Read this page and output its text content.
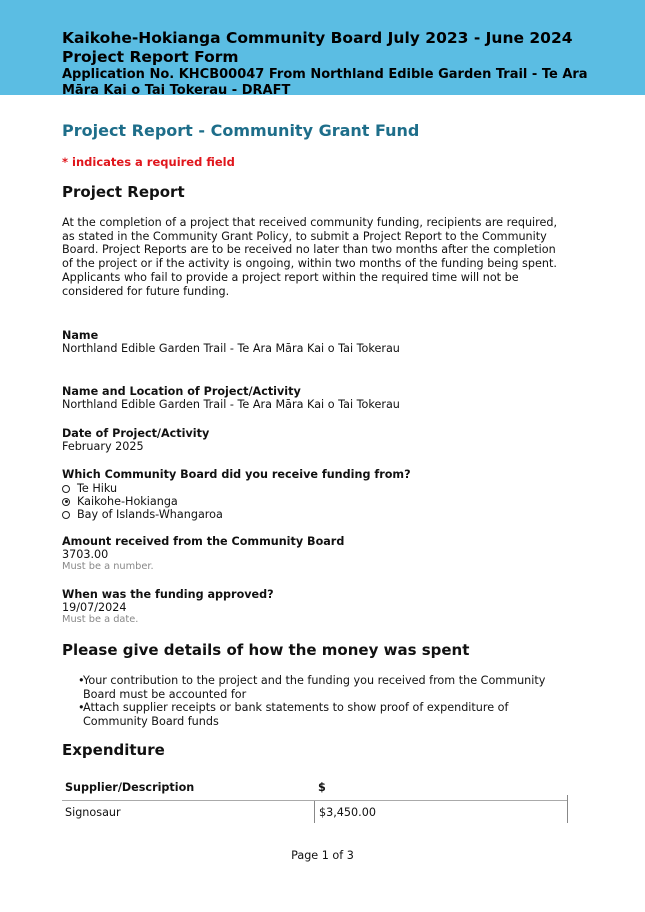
Kaikohe-Hokianga Community Board July 2023 - June 2024
Project Report Form
Application No. KHCB00047 From Northland Edible Garden Trail - Te Ara
Māra Kai o Tai Tokerau - DRAFT
Project Report - Community Grant Fund
* indicates a required field
Project Report
At the completion of a project that received community funding, recipients are required, as stated in the Community Grant Policy, to submit a Project Report to the Community Board. Project Reports are to be received no later than two months after the completion of the project or if the activity is ongoing, within two months of the funding being spent.
Applicants who fail to provide a project report within the required time will not be considered for future funding.
Name
Northland Edible Garden Trail - Te Ara Māra Kai o Tai Tokerau
Name and Location of Project/Activity
Northland Edible Garden Trail - Te Ara Māra Kai o Tai Tokerau
Date of Project/Activity
February 2025
Which Community Board did you receive funding from?
Te Hiku
Kaikohe-Hokianga
Bay of Islands-Whangaroa
Amount received from the Community Board
3703.00
Must be a number.
When was the funding approved?
19/07/2024
Must be a date.
Please give details of how the money was spent
•
Your contribution to the project and the funding you received from the Community Board must be accounted for
•
Attach supplier receipts or bank statements to show proof of expenditure of Community Board funds
Expenditure
Supplier/Description	$
Signosaur	$3,450.00
Page 1 of 3
